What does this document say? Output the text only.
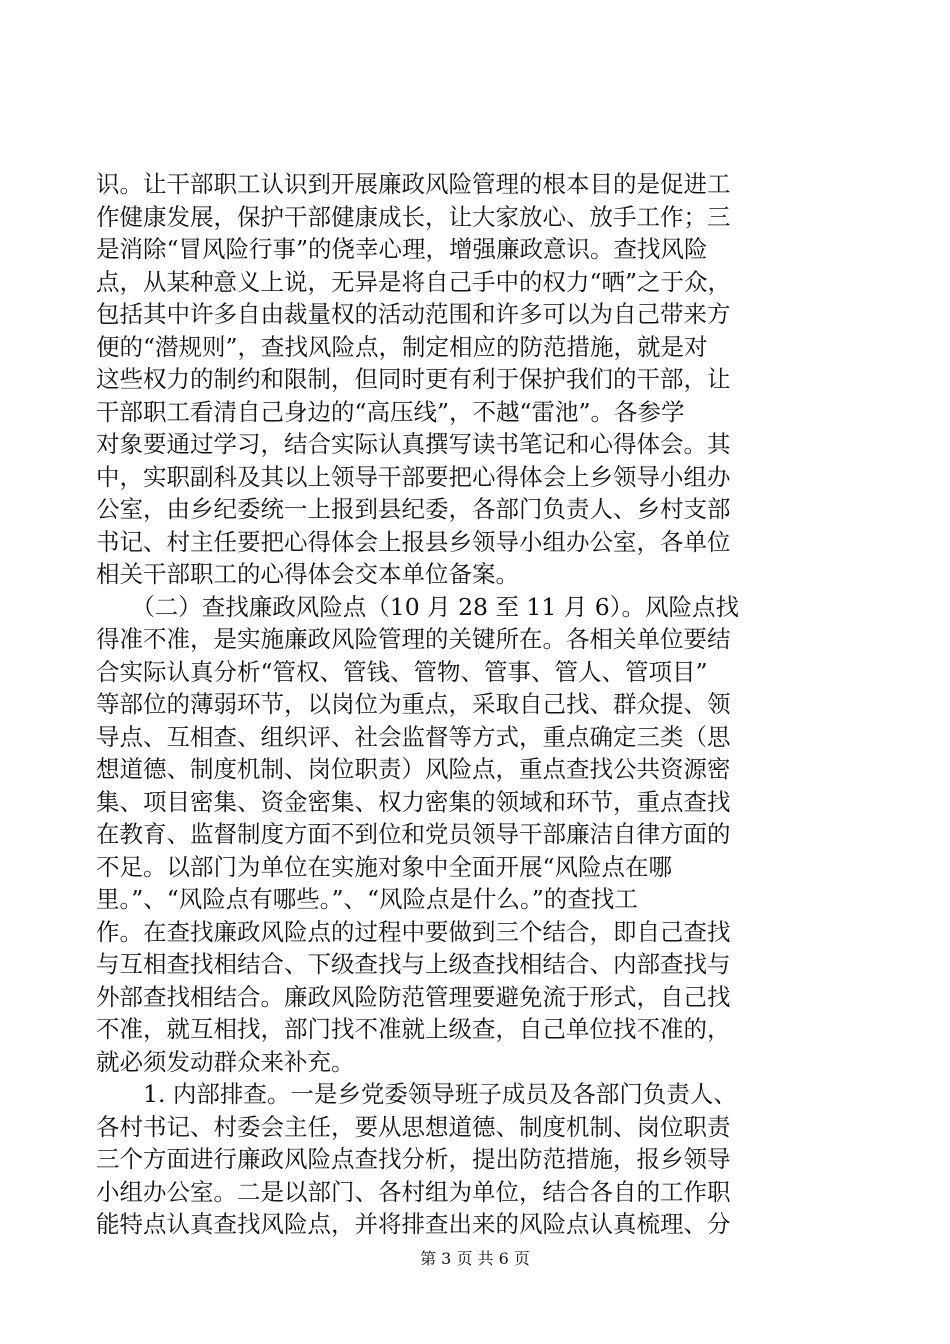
识。让干部职工认识到开展廉政风险管理的根本目的是促进工
作健康发展，保护干部健康成长，让大家放心、放手工作；三
是消除“冒风险行事”的侥幸心理，增强廉政意识。查找风险
点，从某种意义上说，无异是将自己手中的权力“晒”之于众，
包括其中许多自由裁量权的活动范围和许多可以为自己带来方
便的“潜规则”，查找风险点，制定相应的防范措施，就是对
这些权力的制约和限制，但同时更有利于保护我们的干部，让
干部职工看清自己身边的“高压线”，不越“雷池”。各参学
对象要通过学习，结合实际认真撰写读书笔记和心得体会。其
中，实职副科及其以上领导干部要把心得体会上乡领导小组办
公室，由乡纪委统一上报到县纪委，各部门负责人、乡村支部
书记、村主任要把心得体会上报县乡领导小组办公室，各单位
相关干部职工的心得体会交本单位备案。
　　（二）查找廉政风险点（10 月 28 至 11 月 6）。风险点找
得准不准，是实施廉政风险管理的关键所在。各相关单位要结
合实际认真分析“管权、管钱、管物、管事、管人、管项目”
等部位的薄弱环节，以岗位为重点，采取自己找、群众提、领
导点、互相查、组织评、社会监督等方式，重点确定三类（思
想道德、制度机制、岗位职责）风险点，重点查找公共资源密
集、项目密集、资金密集、权力密集的领域和环节，重点查找
在教育、监督制度方面不到位和党员领导干部廉洁自律方面的
不足。以部门为单位在实施对象中全面开展“风险点在哪
里。”、“风险点有哪些。”、“风险点是什么。”的查找工
作。在查找廉政风险点的过程中要做到三个结合，即自己查找
与互相查找相结合、下级查找与上级查找相结合、内部查找与
外部查找相结合。廉政风险防范管理要避免流于形式，自己找
不准，就互相找，部门找不准就上级查，自己单位找不准的，
就必须发动群众来补充。
　　1. 内部排查。一是乡党委领导班子成员及各部门负责人、
各村书记、村委会主任，要从思想道德、制度机制、岗位职责
三个方面进行廉政风险点查找分析，提出防范措施，报乡领导
小组办公室。二是以部门、各村组为单位，结合各自的工作职
能特点认真查找风险点，并将排查出来的风险点认真梳理、分
第 3 页 共 6 页
